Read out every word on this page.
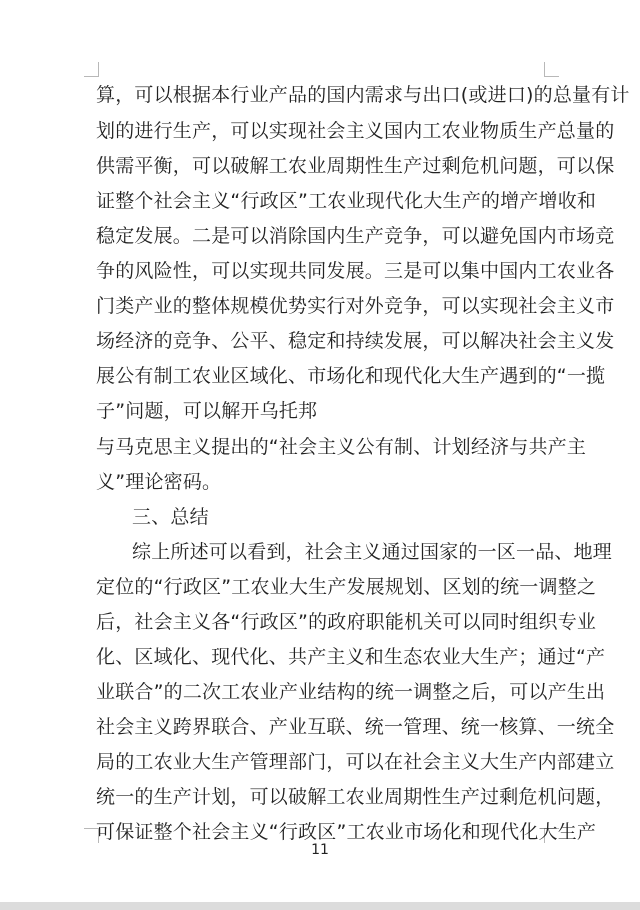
算，可以根据本行业产品的国内需求与出口(或进口)的总量有计
划的进行生产，可以实现社会主义国内工农业物质生产总量的
供需平衡，可以破解工农业周期性生产过剩危机问题，可以保
证整个社会主义“行政区”工农业现代化大生产的增产增收和
稳定发展。二是可以消除国内生产竞争，可以避免国内市场竞
争的风险性，可以实现共同发展。三是可以集中国内工农业各
门类产业的整体规模优势实行对外竞争，可以实现社会主义市
场经济的竞争、公平、稳定和持续发展，可以解决社会主义发
展公有制工农业区域化、市场化和现代化大生产遇到的“一揽
子”问题，可以解开乌托邦
与马克思主义提出的“社会主义公有制、计划经济与共产主
义”理论密码。
三、总结
综上所述可以看到，社会主义通过国家的一区一品、地理
定位的“行政区”工农业大生产发展规划、区划的统一调整之
后，社会主义各“行政区”的政府职能机关可以同时组织专业
化、区域化、现代化、共产主义和生态农业大生产；通过“产
业联合”的二次工农业产业结构的统一调整之后，可以产生出
社会主义跨界联合、产业互联、统一管理、统一核算、一统全
局的工农业大生产管理部门，可以在社会主义大生产内部建立
统一的生产计划，可以破解工农业周期性生产过剩危机问题，
可保证整个社会主义“行政区”工农业市场化和现代化大生产
11
